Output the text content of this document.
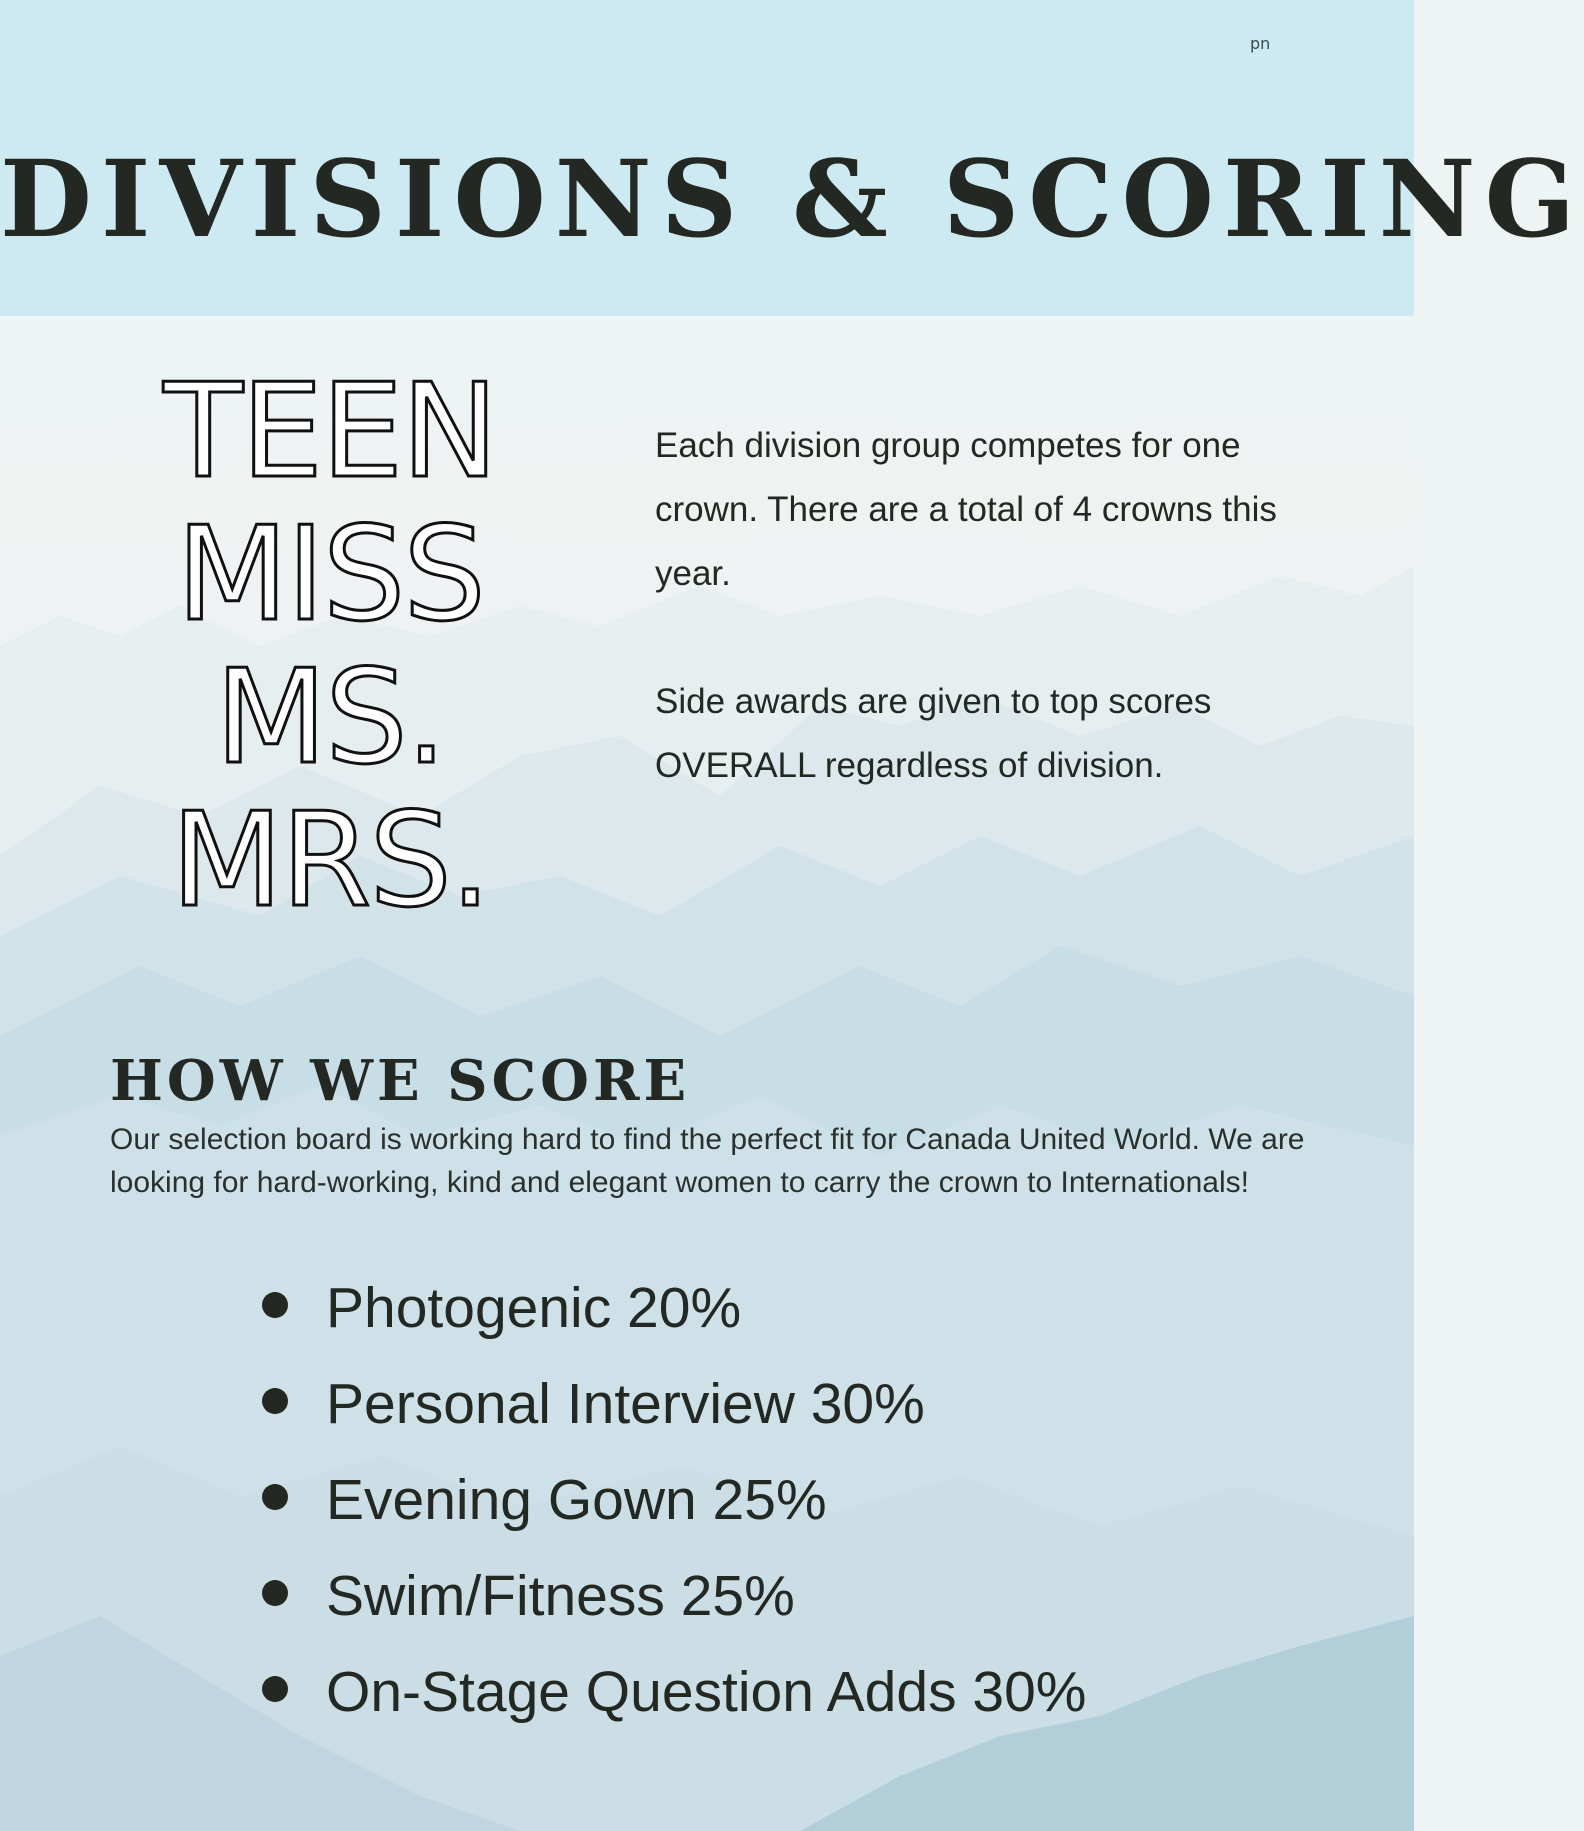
pn
DIVISIONS & SCORING
TEEN
MISS
MS.
MRS.

Each division group competes for one crown. There are a total of 4 crowns this year.

Side awards are given to top scores OVERALL regardless of division.

HOW WE SCORE

Our selection board is working hard to find the perfect fit for Canada United World. We are looking for hard-working, kind and elegant women to carry the crown to Internationals!

Photogenic 20%
Personal Interview 30%
Evening Gown 25%
Swim/Fitness 25%
On-Stage Question Adds 30%
